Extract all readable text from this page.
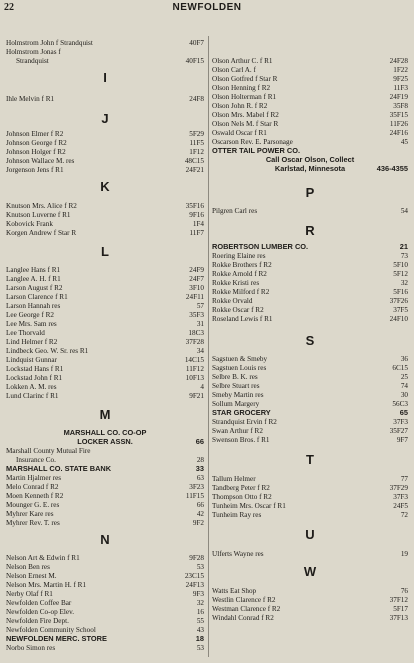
22	NEWFOLDEN
Holmstrom John f Strandquist	40F7
Holmstrom Jonas f
Strandquist	40F15
I
Ihle Melvin f R1	24F8
J
Johnson Elmer f R2	5F29
Johnson George f R2	11F5
Johnson Holger f R2	1F12
Johnson Wallace M. res	48C15
Jorgenson Jens f R1	24F21
K
Knutson Mrs. Alice f R2	35F16
Knutson Luverne f R1	9F16
Kobovick Frank	1F4
Korgen Andrew f Star R	11F7
L
Langlee Hans f R1	24F9
Langlee A. H. f R1	24F7
Larson August f R2	3F10
Larson Clarence f R1	24F11
Larson Hannah res	57
Lee George f R2	35F3
Lee Mrs. Sam res	31
Lee Thorvald	18C3
Lind Helmer f R2	37F28
Lindbeck Geo. W. Sr. res R1	34
Lindquist Gunnar	14C15
Lockstad Hans f R1	11F12
Lockstad John f R1	10F13
Lokken A. M. res	4
Lund Clarinc f R1	9F21
M
MARSHALL CO. CO-OP
LOCKER ASSN.	66
Marshall County Mutual Fire
Insurance Co.	28
MARSHALL CO. STATE BANK	33
Martin Hjalmer res	63
Melo Conrad f R2	3F23
Moen Kenneth f R2	11F15
Mounger G. E. res	66
Myhrer Kare res	42
Myhrer Rev. T. res	9F2
N
Nelson Art & Edwin f R1	9F28
Nelson Ben res	53
Nelson Ernest M.	23C15
Nelson Mrs. Martin H. f R1	24F13
Nerby Olaf f R1	9F3
Newfolden Coffee Bar	32
Newfolden Co-op Elev.	16
Newfolden Fire Dept.	55
Newfolden Community School	43
NEWFOLDEN MERC. STORE	18
Norbo Simon res	53
Olson Arthur C. f R1	24F28
Olson Carl A. f	1F22
Olson Gotfred f Star R	9F25
Olson Henning f R2	11F3
Olson Holterman f R1	24F19
Olson John R. f R2	35F8
Olson Mrs. Mabel f R2	35F15
Olson Nels M. f Star R	11F26
Oswald Oscar f R1	24F16
Oscarson Rev. E. Parsonage	45
OTTER TAIL POWER CO.
Call Oscar Olson, Collect
Karlstad, Minnesota	436-4355
P
Pilgren Carl res	54
R
ROBERTSON LUMBER CO.	21
Roering Elaine res	73
Rokke Brothers f R2	5F10
Rokke Arnold f R2	5F12
Rokke Kristi res	32
Rokke Milford f R2	5F16
Rokke Orvald	37F26
Rokke Oscar f R2	37F5
Roseland Lewis f R1	24F10
S
Sagstuen & Smeby	36
Sagstuen Louis res	6C15
Selbre B. K. res	25
Selbre Stuart res	74
Smeby Martin res	30
Sollum Margery	56C3
STAR GROCERY	65
Strandquist Ervin f R2	37F3
Swan Arthur f R2	35F27
Swenson Bros. f R1	9F7
T
Tallum Helmer	77
Tandberg Peter f R2	37F29
Thompson Otto f R2	37F3
Tunheim Mrs. Oscar f R1	24F5
Tunheim Ray res	72
U
Ulferts Wayne res	19
W
Watts Eat Shop	76
Westlin Clarence f R2	37F12
Westman Clarence f R2	5F17
Windahl Conrad f R2	37F13
